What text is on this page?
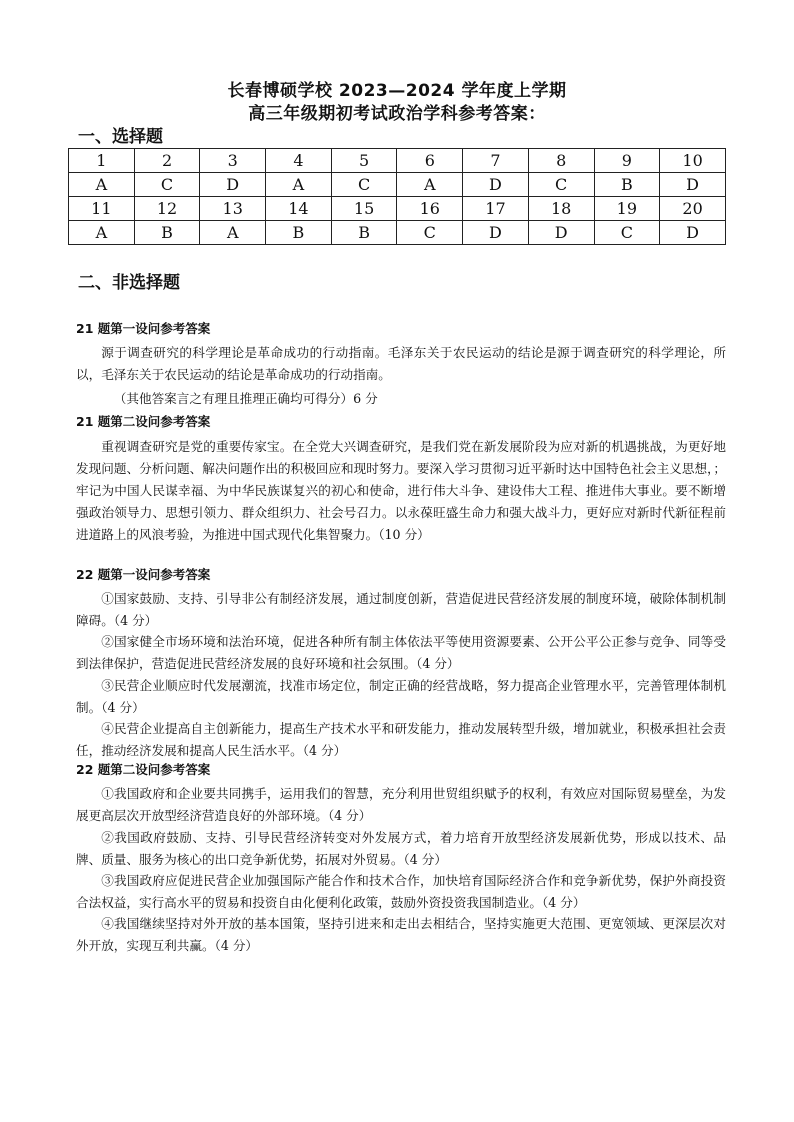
长春博硕学校 2023—2024 学年度上学期
高三年级期初考试政治学科参考答案：
一、选择题
1	2	3	4	5	6	7	8	9	10
A	C	D	A	C	A	D	C	B	D
11	12	13	14	15	16	17	18	19	20
A	B	A	B	B	C	D	D	C	D
二、非选择题
21 题第一设问参考答案
源于调查研究的科学理论是革命成功的行动指南。毛泽东关于农民运动的结论是源于调查研究的科学理论，所以，毛泽东关于农民运动的结论是革命成功的行动指南。
（其他答案言之有理且推理正确均可得分）6 分
21 题第二设问参考答案
重视调查研究是党的重要传家宝。在全党大兴调查研究，是我们党在新发展阶段为应对新的机遇挑战，为更好地发现问题、分析问题、解决问题作出的积极回应和现时努力。要深入学习贯彻习近平新时达中国特色社会主义思想，；牢记为中国人民谋幸福、为中华民族谋复兴的初心和使命，进行伟大斗争、建设伟大工程、推进伟大事业。要不断增强政治领导力、思想引领力、群众组织力、社会号召力。以永葆旺盛生命力和强大战斗力，更好应对新时代新征程前进道路上的风浪考验，为推进中国式现代化集智聚力。（10 分）
22 题第一设问参考答案
①国家鼓励、支持、引导非公有制经济发展，通过制度创新，营造促进民营经济发展的制度环境，破除体制机制障碍。（4 分）
②国家健全市场环境和法治环境，促进各种所有制主体依法平等使用资源要素、公开公平公正参与竞争、同等受到法律保护，营造促进民营经济发展的良好环境和社会氛围。（4 分）
③民营企业顺应时代发展潮流，找准市场定位，制定正确的经营战略，努力提高企业管理水平，完善管理体制机制。（4 分）
④民营企业提高自主创新能力，提高生产技术水平和研发能力，推动发展转型升级，增加就业，积极承担社会责任，推动经济发展和提高人民生活水平。（4 分）
22 题第二设问参考答案
①我国政府和企业要共同携手，运用我们的智慧，充分利用世贸组织赋予的权利，有效应对国际贸易壁垒，为发展更高层次开放型经济营造良好的外部环境。（4 分）
②我国政府鼓励、支持、引导民营经济转变对外发展方式，着力培育开放型经济发展新优势，形成以技术、品牌、质量、服务为核心的出口竞争新优势，拓展对外贸易。（4 分）
③我国政府应促进民营企业加强国际产能合作和技术合作，加快培育国际经济合作和竞争新优势，保护外商投资合法权益，实行高水平的贸易和投资自由化便利化政策，鼓励外资投资我国制造业。（4 分）
④我国继续坚持对外开放的基本国策，坚持引进来和走出去相结合，坚持实施更大范围、更宽领域、更深层次对外开放，实现互利共赢。（4 分）
